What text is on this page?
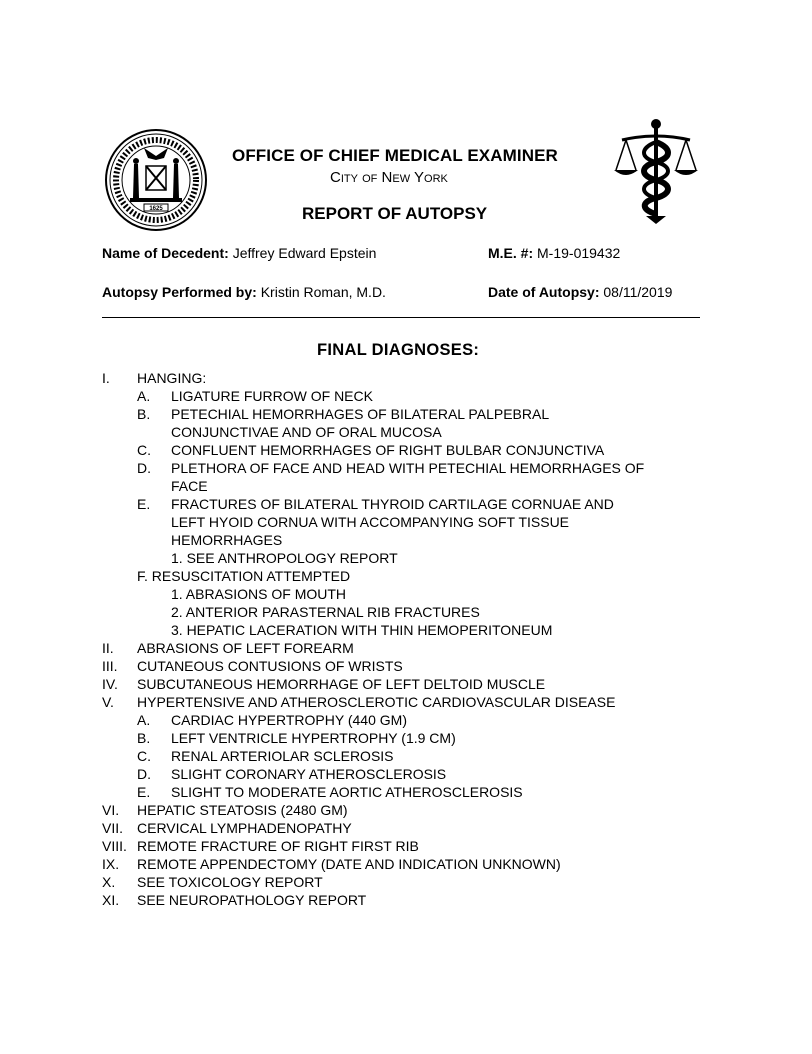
1625
OFFICE OF CHIEF MEDICAL EXAMINER
City of New York
REPORT OF AUTOPSY
Name of Decedent: Jeffrey Edward Epstein	M.E. #: M-19-019432
Autopsy Performed by: Kristin Roman, M.D.	Date of Autopsy: 08/11/2019
FINAL DIAGNOSES:
I. HANGING:
A. LIGATURE FURROW OF NECK
B. PETECHIAL HEMORRHAGES OF BILATERAL PALPEBRAL
CONJUNCTIVAE AND OF ORAL MUCOSA
C. CONFLUENT HEMORRHAGES OF RIGHT BULBAR CONJUNCTIVA
D. PLETHORA OF FACE AND HEAD WITH PETECHIAL HEMORRHAGES OF
FACE
E. FRACTURES OF BILATERAL THYROID CARTILAGE CORNUAE AND
LEFT HYOID CORNUA WITH ACCOMPANYING SOFT TISSUE
HEMORRHAGES
1. SEE ANTHROPOLOGY REPORT
F. RESUSCITATION ATTEMPTED
1. ABRASIONS OF MOUTH
2. ANTERIOR PARASTERNAL RIB FRACTURES
3. HEPATIC LACERATION WITH THIN HEMOPERITONEUM
II. ABRASIONS OF LEFT FOREARM
III. CUTANEOUS CONTUSIONS OF WRISTS
IV. SUBCUTANEOUS HEMORRHAGE OF LEFT DELTOID MUSCLE
V. HYPERTENSIVE AND ATHEROSCLEROTIC CARDIOVASCULAR DISEASE
A. CARDIAC HYPERTROPHY (440 GM)
B. LEFT VENTRICLE HYPERTROPHY (1.9 CM)
C. RENAL ARTERIOLAR SCLEROSIS
D. SLIGHT CORONARY ATHEROSCLEROSIS
E. SLIGHT TO MODERATE AORTIC ATHEROSCLEROSIS
VI. HEPATIC STEATOSIS (2480 GM)
VII. CERVICAL LYMPHADENOPATHY
VIII. REMOTE FRACTURE OF RIGHT FIRST RIB
IX. REMOTE APPENDECTOMY (DATE AND INDICATION UNKNOWN)
X. SEE TOXICOLOGY REPORT
XI. SEE NEUROPATHOLOGY REPORT
